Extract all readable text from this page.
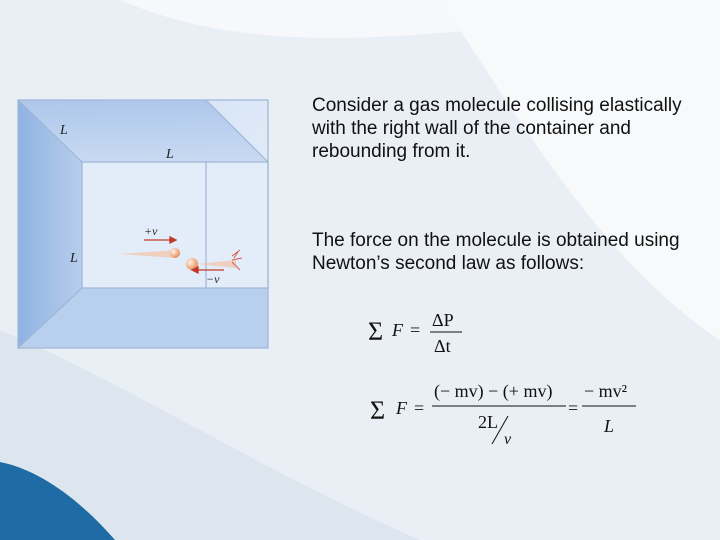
L
L
L
+v
−v

Consider a gas molecule collising elastically with the right wall of the container and rebounding from it.

The force on the molecule is obtained using Newton’s second law as follows:

Σ F = ΔP
Δt
Σ F =
(− mv) − (+ mv)
2L
v
=
− mv²
L
